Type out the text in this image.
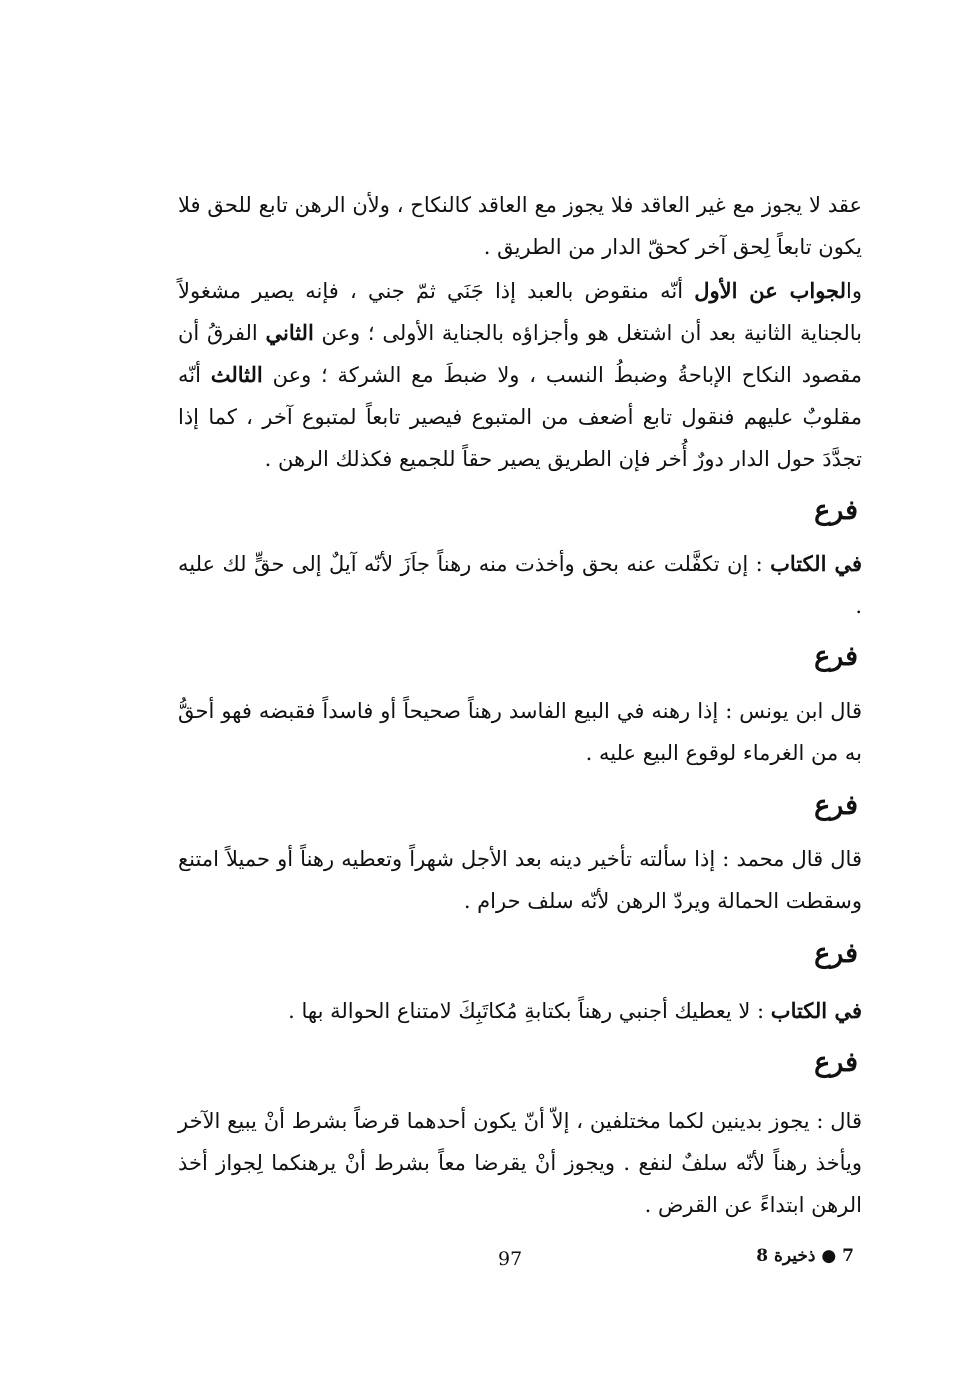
عقد لا يجوز مع غير العاقد فلا يجوز مع العاقد كالنكاح ، ولأن الرهن تابع للحق فلا يكون تابعاً لِحق آخر كحقّ الدار من الطريق .
والجواب عن الأول أنّه منقوض بالعبد إذا جَنَي ثمّ جني ، فإنه يصير مشغولاً بالجناية الثانية بعد أن اشتغل هو وأجزاؤه بالجناية الأولى ؛ وعن الثاني الفرقُ أن مقصود النكاح الإباحةُ وضبطُ النسب ، ولا ضبطَ مع الشركة ؛ وعن الثالث أنّه مقلوبٌ عليهم فنقول تابع أضعف من المتبوع فيصير تابعاً لمتبوع آخر ، كما إذا تجدَّدَ حول الدار دورٌ أُخر فإن الطريق يصير حقاً للجميع فكذلك الرهن .
فرع
في الكتاب : إن تكفَّلت عنه بحق وأخذت منه رهناً جاَزَ لأنّه آيلٌ إلى حقٍّ لك عليه .
فرع
قال ابن يونس : إذا رهنه في البيع الفاسد رهناً صحيحاً أو فاسداً فقبضه فهو أحقُّ به من الغرماء لوقوع البيع عليه .
فرع
قال قال محمد : إذا سألته تأخير دينه بعد الأجل شهراً وتعطيه رهناً أو حميلاً امتنع وسقطت الحمالة ويردّ الرهن لأنّه سلف حرام .
فرع
في الكتاب : لا يعطيك أجنبي رهناً بكتابةِ مُكاتَبِكَ لامتناع الحوالة بها .
فرع
قال : يجوز بدينين لكما مختلفين ، إلاّ أنّ يكون أحدهما قرضاً بشرط أنْ يبيع الآخر ويأخذ رهناً لأنّه سلفٌ لنفع . ويجوز أنْ يقرضا معاً بشرط أنْ يرهنكما لِجواز أخذ الرهن ابتداءً عن القرض .
97	7 ● ذخيرة 8
